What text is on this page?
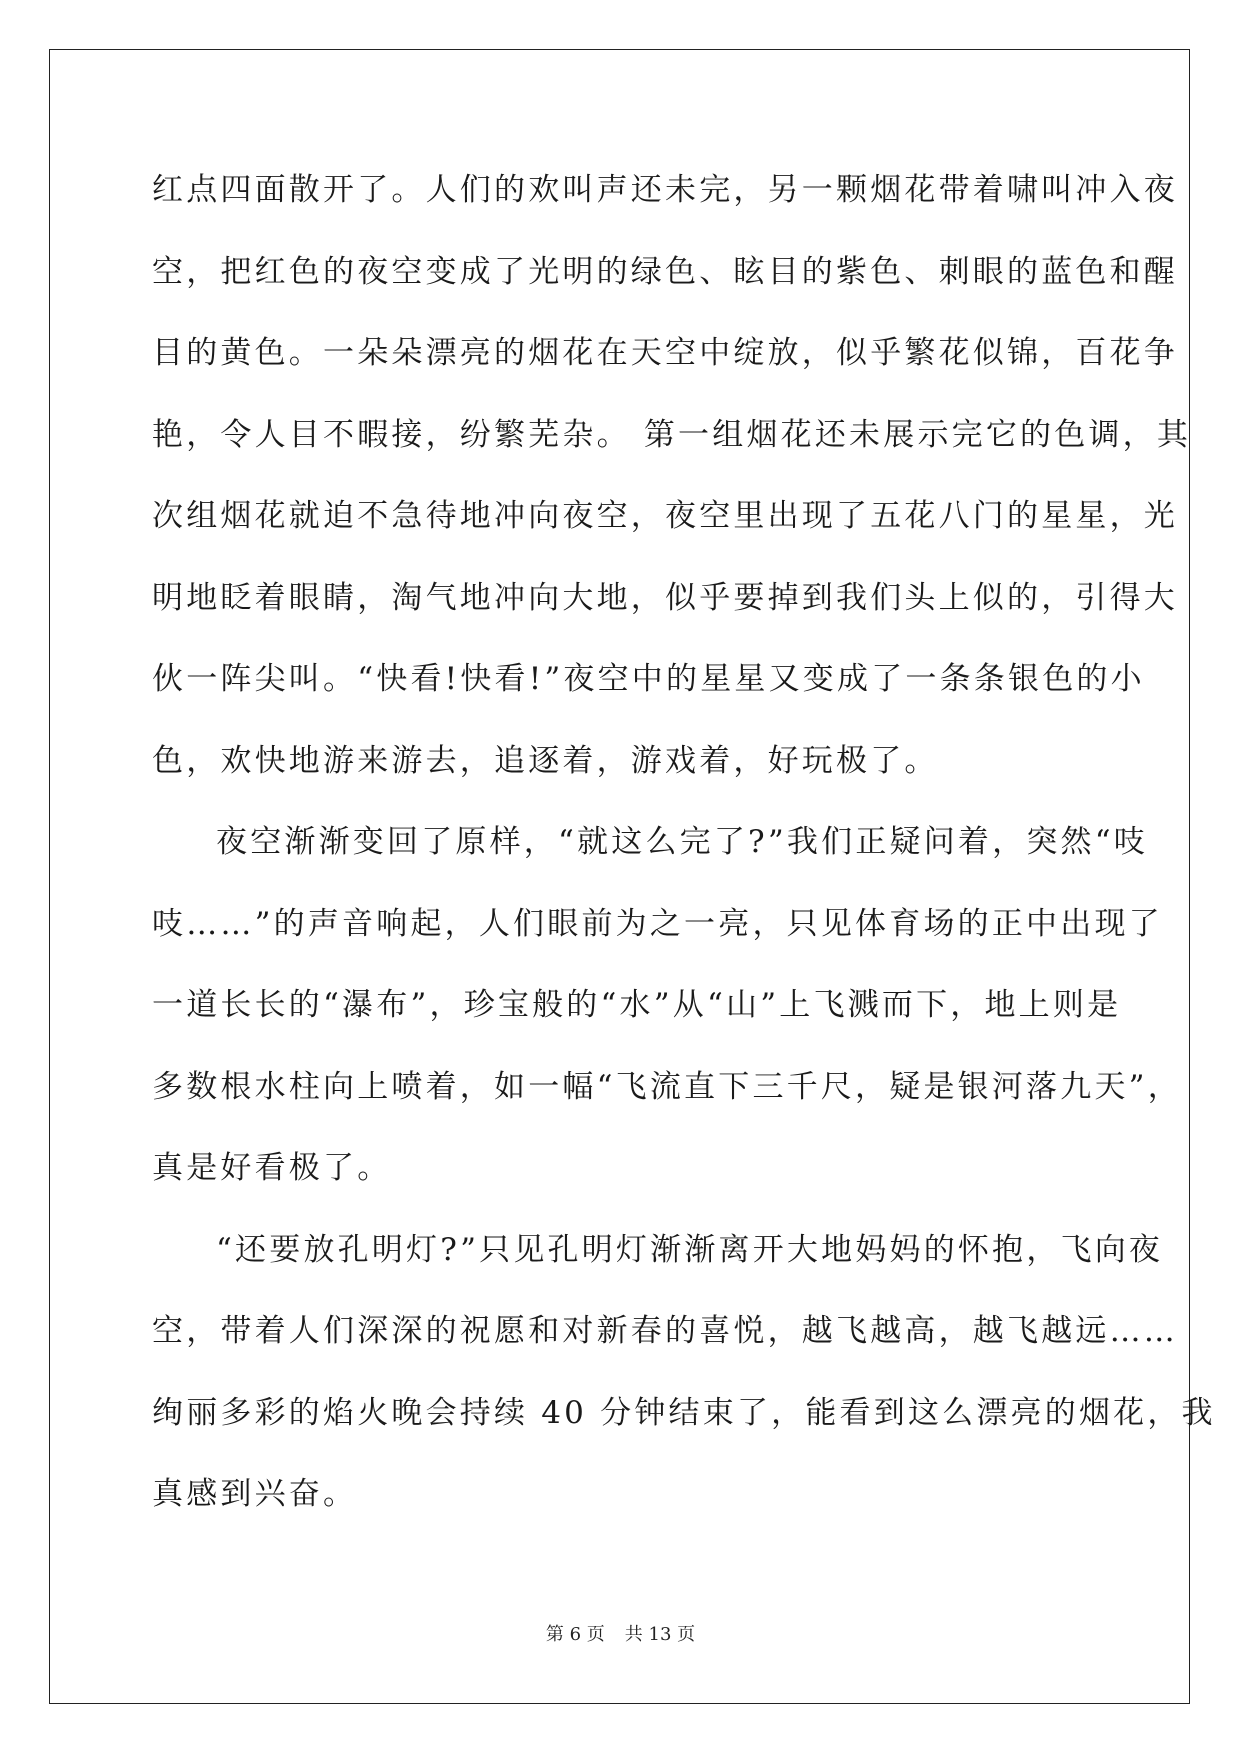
红点四面散开了。人们的欢叫声还未完，另一颗烟花带着啸叫冲入夜
空，把红色的夜空变成了光明的绿色、眩目的紫色、刺眼的蓝色和醒
目的黄色。一朵朵漂亮的烟花在天空中绽放，似乎繁花似锦，百花争
艳，令人目不暇接，纷繁芜杂。 第一组烟花还未展示完它的色调，其
次组烟花就迫不急待地冲向夜空，夜空里出现了五花八门的星星，光
明地眨着眼睛，淘气地冲向大地，似乎要掉到我们头上似的，引得大
伙一阵尖叫。“快看!快看!”夜空中的星星又变成了一条条银色的小
色，欢快地游来游去，追逐着，游戏着，好玩极了。
夜空渐渐变回了原样，“就这么完了?”我们正疑问着，突然“吱
吱……”的声音响起，人们眼前为之一亮，只见体育场的正中出现了
一道长长的“瀑布”，珍宝般的“水”从“山”上飞溅而下，地上则是
多数根水柱向上喷着，如一幅“飞流直下三千尺，疑是银河落九天”，
真是好看极了。
“还要放孔明灯?”只见孔明灯渐渐离开大地妈妈的怀抱，飞向夜
空，带着人们深深的祝愿和对新春的喜悦，越飞越高，越飞越远……
绚丽多彩的焰火晚会持续 40 分钟结束了，能看到这么漂亮的烟花，我
真感到兴奋。
第 6 页 共 13 页
